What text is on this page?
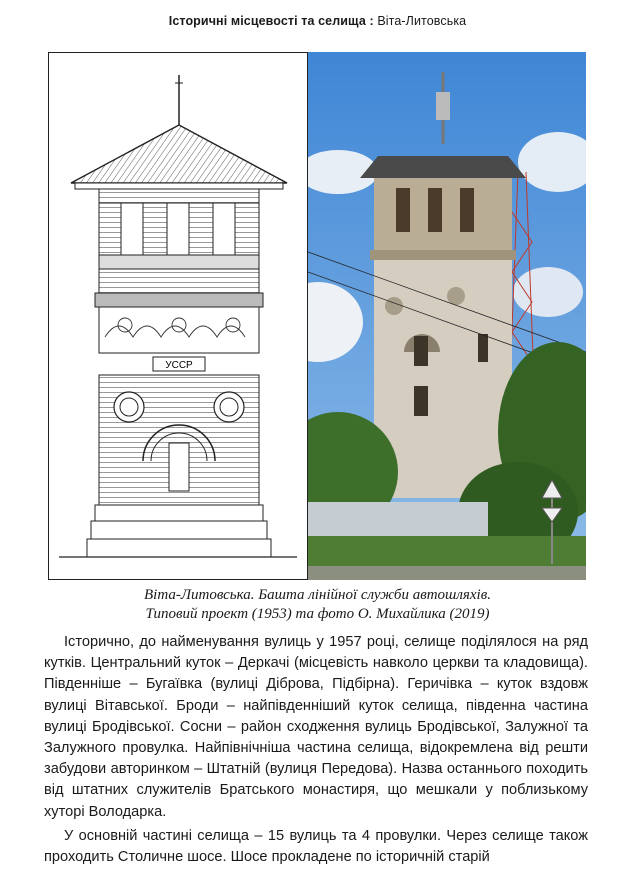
Історичні місцевості та селища : Віта-Литовська
УССР
Віта-Литовська. Башта лінійної служби автошляхів.
Типовий проект (1953) та фото О. Михайлика (2019)

Історично, до найменування вулиць у 1957 році, селище поділялося на ряд кутків. Центральний куток – Деркачі (місцевість навколо церкви та кладовища). Південніше – Бугаївка (вулиці Діброва, Підбірна). Геричівка – куток вздовж вулиці Вітавської. Броди – найпівденніший куток селища, південна частина вулиці Бродівської. Сосни – район сходження вулиць Бродівської, Залужної та Залужного провулка. Найпівнічніша частина селища, відокремлена від решти забудови авторинком – Штатній (вулиця Передова). Назва останнього походить від штатних служителів Братського монастиря, що мешкали у поблизькому хуторі Володарка.

У основній частині селища – 15 вулиць та 4 провулки. Через селище також проходить Столичне шосе. Шосе прокладене по історичній старій
